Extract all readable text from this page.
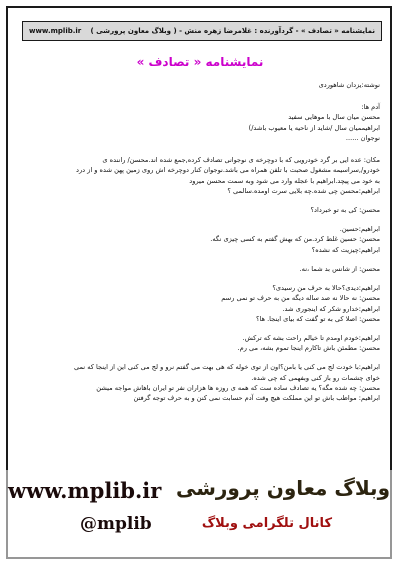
www.mplib.ir نمایشنامه « تصادف » - گردآورنده : غلامرضا زهره منش - ( وبلاگ معاون پرورشی )
نمایشنامه « تصادف »

نوشته:یزدان شاهوردی

آدم ها:

محسن میان سال با موهایی سفید

ابراهیممیان سال /شاید از ناحیه یا معیوب باشد/)

نوجوان ......

مکان: عده ایی بر گرد خودرویی که با دوچرخه ی نوجوانی تصادف کرده,جمع شده اند.محسن/ راننده ی

خودرو/,سراسیمه مشغول صحبت با تلفن همراه می باشد.نوجوان کنار دوچرخه اش روی زمین پهن شده و از درد

به خود می پیچد.ابراهیم با عجله وارد می شود وبه سمت محسن میرود

ابراهیم:محسن چی شده.چه بلایی سرت اومده.سالمی ؟

محسن: کی به تو خبرداد؟

ابراهیم:حسین.

محسن: حسین غلط کرد.من که بهش گفتم به کسی چیزی نگه.

ابراهیم:چیزیت که نشده؟

محسن: از شانس بد شما ،نه.

ابراهیم:دیدی؟حالا به حرف من رسیدی؟

محسن: نه حالا نه صد ساله دیگه من به حرف تو نمی رسم

ابراهیم:خدارو شکر که اینجوری شد.

محسن: اصلا کی به تو گفت که بیای اینجا. ها؟

ابراهیم:خودم اومدم تا خیالم راحت بشه که ترکش.

محسن: مطمئن باش تاکارم اینجا تموم بشه، می رم.

ابراهیم:با خودت لج می کنی یا بامن؟اون از توی خوله که هی بهت می گفتم نرو و لج می کنی این از اینجا که نمی

خوای چشمات رو باز کنی وبفهمی که چی شده.

محسن: چه شده مگه؟ یه تصادف ساده ست که همه ی روزه ها هزاران نفر تو ایران باهاش مواجه میشن

ابراهیم: مواظب باش تو این مملکت هیچ وقت آدم حسابت نمی کنن و به حرف توجه گرفتن

www.mplib.ir وبلاگ معاون پرورشی
@mplib	کانال تلگرامی وبلاگ
